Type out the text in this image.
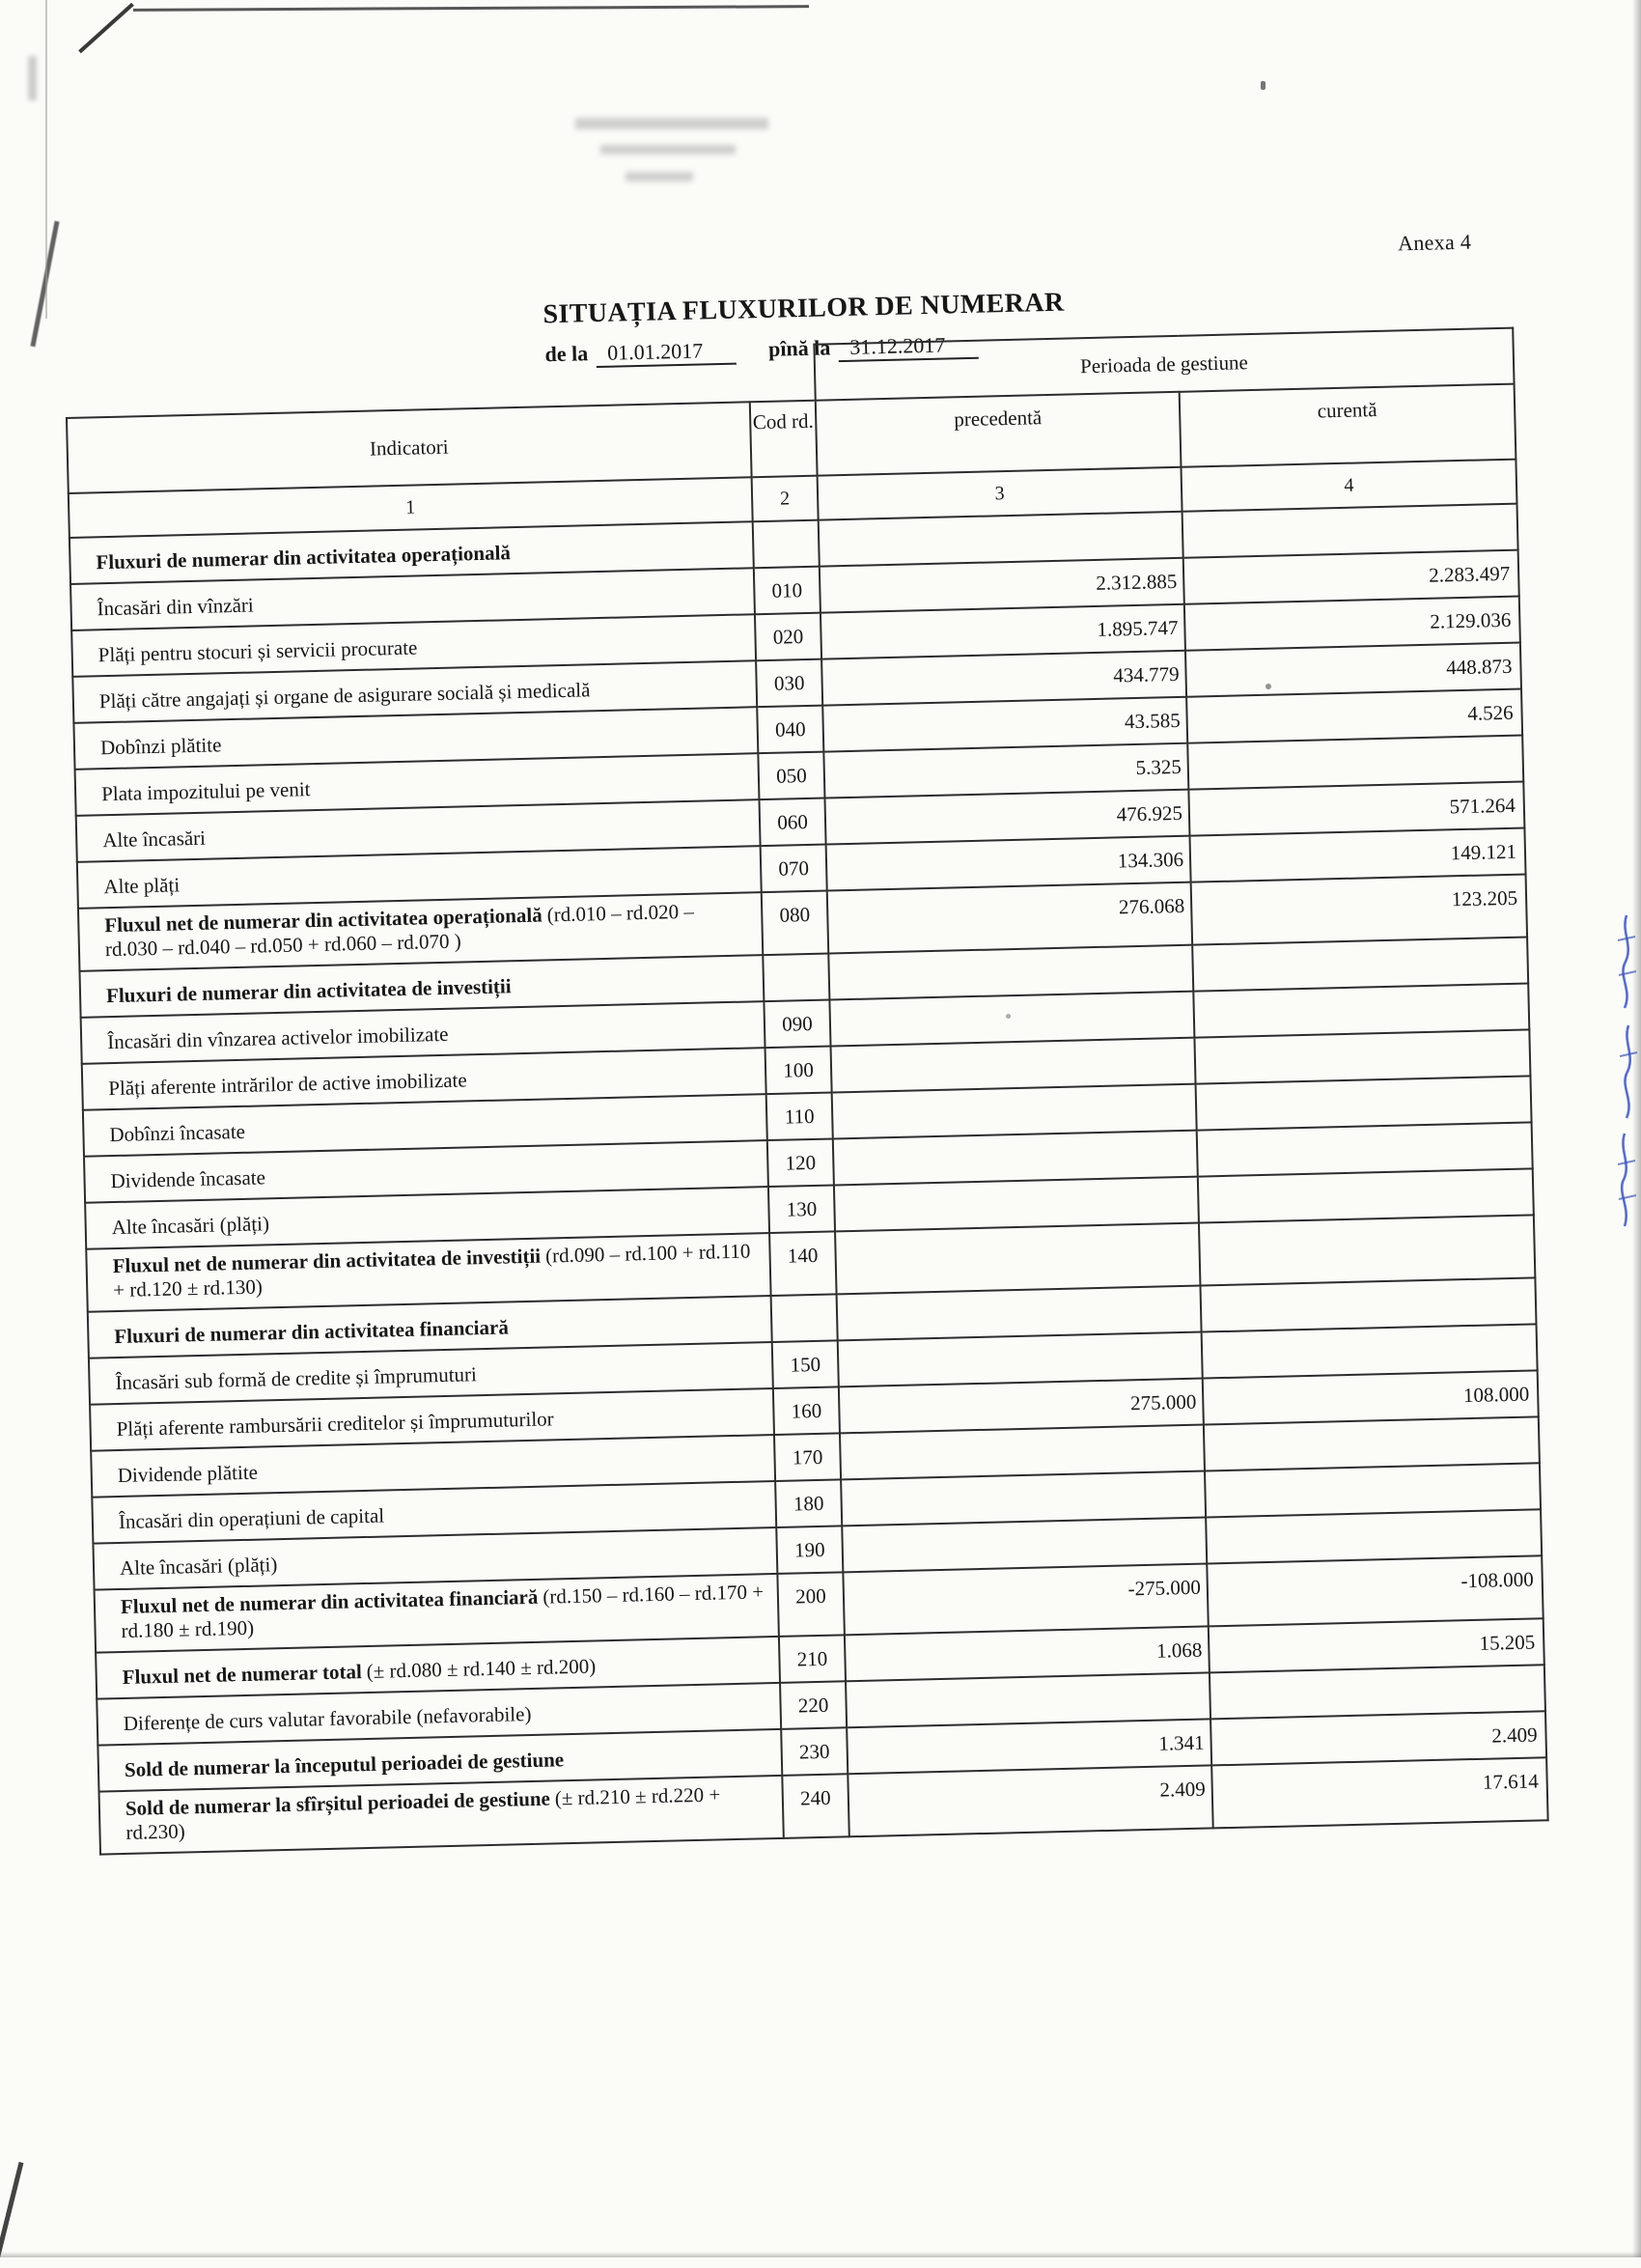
Anexa 4
SITUAȚIA FLUXURILOR DE NUMERAR
de la 01.01.2017	pînă la 31.12.2017
		Perioada de gestiune	
Indicatori	Cod rd.	precedentă	curentă
1	2	3	4
Fluxuri de numerar din activitatea operațională			
Încasări din vînzări	010	2.312.885	2.283.497
Plăți pentru stocuri și servicii procurate	020	1.895.747	2.129.036
Plăți către angajați și organe de asigurare socială și medicală	030	434.779	448.873
Dobînzi plătite	040	43.585	4.526
Plata impozitului pe venit	050	5.325	
Alte încasări	060	476.925	571.264
Alte plăți	070	134.306	149.121
Fluxul net de numerar din activitatea operațională (rd.010 – rd.020 – rd.030 – rd.040 – rd.050 + rd.060 – rd.070 )	080	276.068	123.205
Fluxuri de numerar din activitatea de investiții			
Încasări din vînzarea activelor imobilizate	090		
Plăți aferente intrărilor de active imobilizate	100		
Dobînzi încasate	110		
Dividende încasate	120		
Alte încasări (plăți)	130		
Fluxul net de numerar din activitatea de investiții (rd.090 – rd.100 + rd.110 + rd.120 ± rd.130)	140		
Fluxuri de numerar din activitatea financiară			
Încasări sub formă de credite și împrumuturi	150		
Plăți aferente rambursării creditelor și împrumuturilor	160	275.000	108.000
Dividende plătite	170		
Încasări din operațiuni de capital	180		
Alte încasări (plăți)	190		
Fluxul net de numerar din activitatea financiară (rd.150 – rd.160 – rd.170 + rd.180 ± rd.190)	200	-275.000	-108.000
Fluxul net de numerar total (± rd.080 ± rd.140 ± rd.200)	210	1.068	15.205
Diferențe de curs valutar favorabile (nefavorabile)	220		
Sold de numerar la începutul perioadei de gestiune	230	1.341	2.409
Sold de numerar la sfîrșitul perioadei de gestiune (± rd.210 ± rd.220 + rd.230)	240	2.409	17.614
